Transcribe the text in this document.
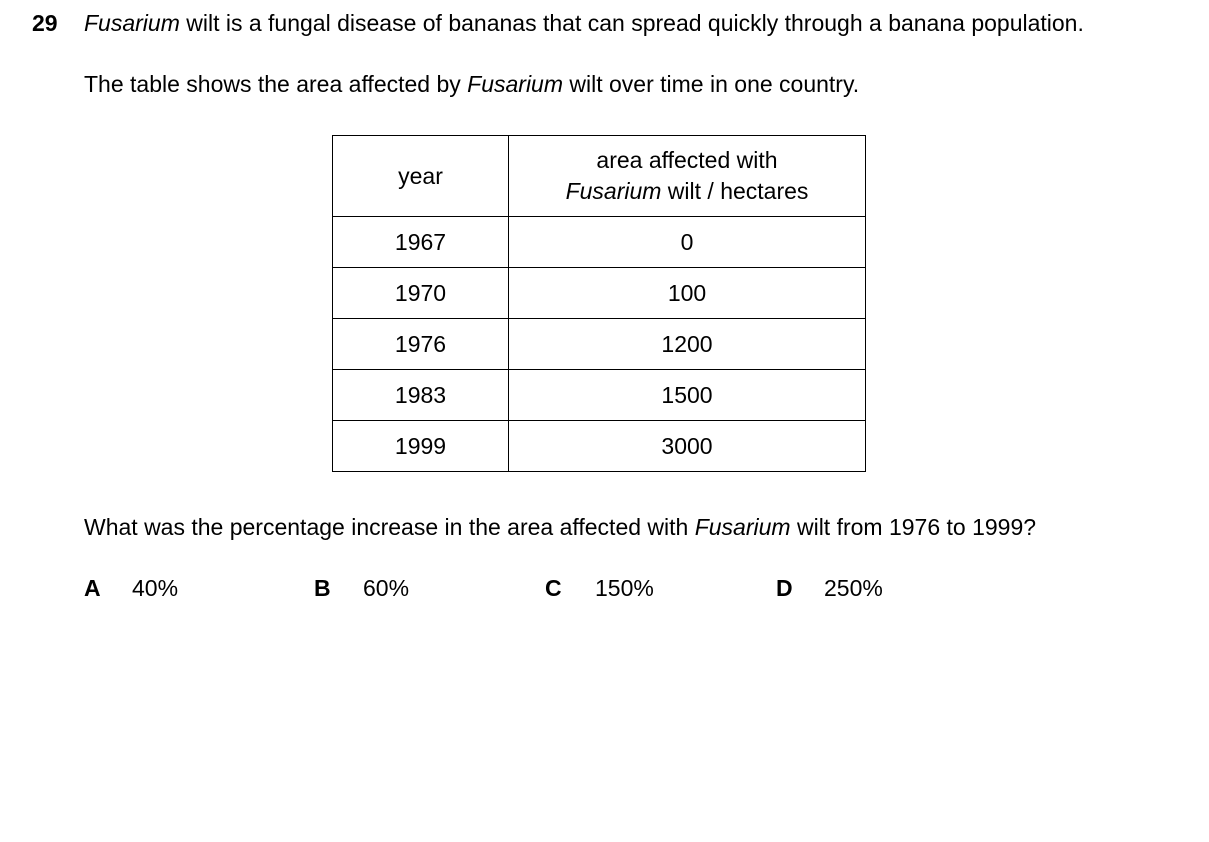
29 Fusarium wilt is a fungal disease of bananas that can spread quickly through a banana population.
The table shows the area affected by Fusarium wilt over time in one country.
year	area affected with
Fusarium wilt / hectares
1967	0
1970	100
1976	1200
1983	1500
1999	3000
What was the percentage increase in the area affected with Fusarium wilt from 1976 to 1999?
A 40%	B 60%	C 150%	D 250%
